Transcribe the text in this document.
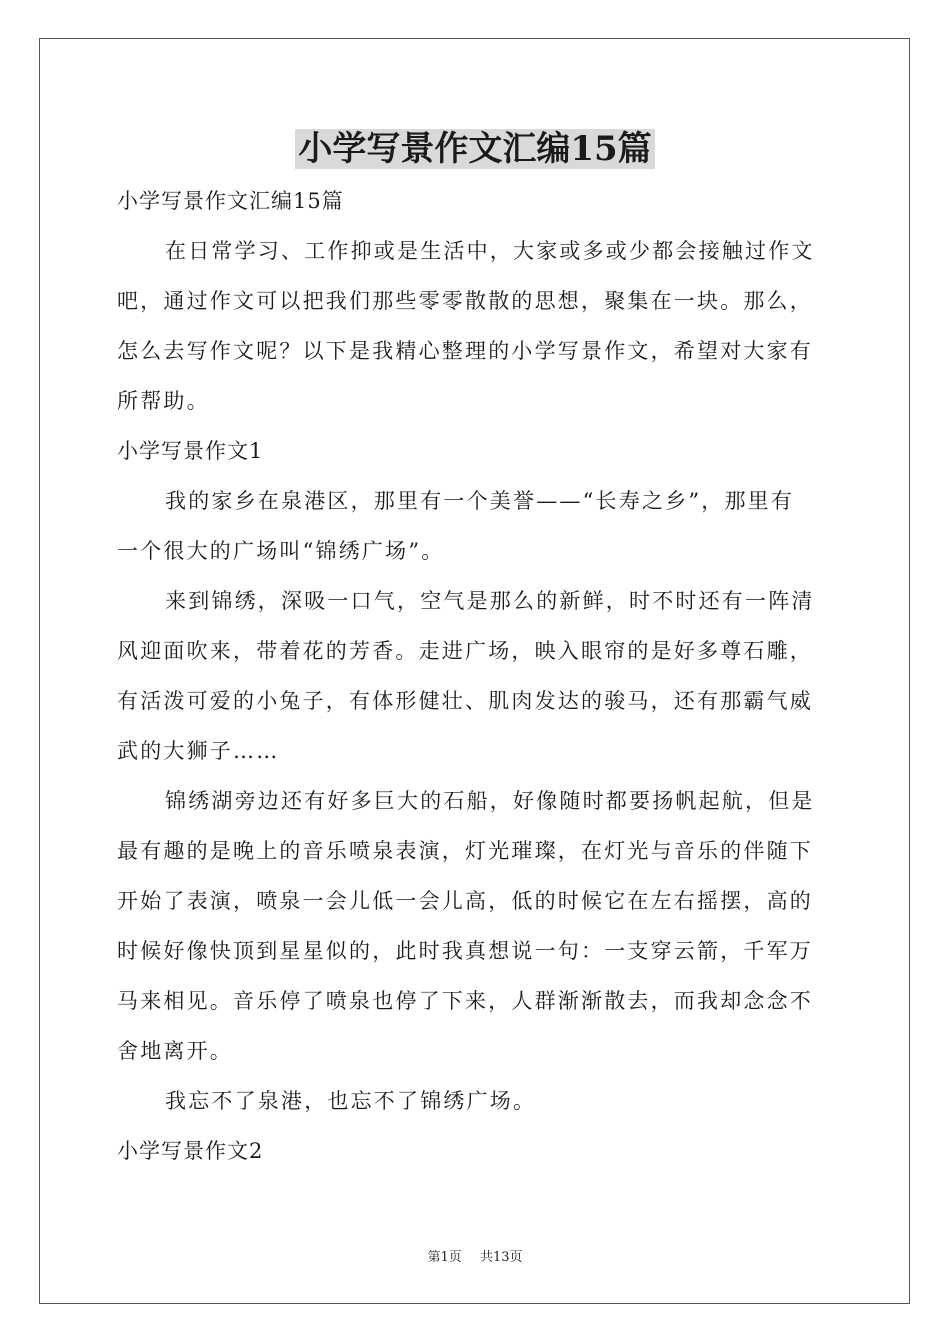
小学写景作文汇编15篇
小学写景作文汇编15篇
在日常学习、工作抑或是生活中，大家或多或少都会接触过作文
吧，通过作文可以把我们那些零零散散的思想，聚集在一块。那么，
怎么去写作文呢？以下是我精心整理的小学写景作文，希望对大家有
所帮助。
小学写景作文1
我的家乡在泉港区，那里有一个美誉——“长寿之乡”，那里有
一个很大的广场叫“锦绣广场”。
来到锦绣，深吸一口气，空气是那么的新鲜，时不时还有一阵清
风迎面吹来，带着花的芳香。走进广场，映入眼帘的是好多尊石雕，
有活泼可爱的小兔子，有体形健壮、肌肉发达的骏马，还有那霸气威
武的大狮子……
锦绣湖旁边还有好多巨大的石船，好像随时都要扬帆起航，但是
最有趣的是晚上的音乐喷泉表演，灯光璀璨，在灯光与音乐的伴随下
开始了表演，喷泉一会儿低一会儿高，低的时候它在左右摇摆，高的
时候好像快顶到星星似的，此时我真想说一句：一支穿云箭，千军万
马来相见。音乐停了喷泉也停了下来，人群渐渐散去，而我却念念不
舍地离开。
我忘不了泉港，也忘不了锦绣广场。
小学写景作文2
第1页 共13页
